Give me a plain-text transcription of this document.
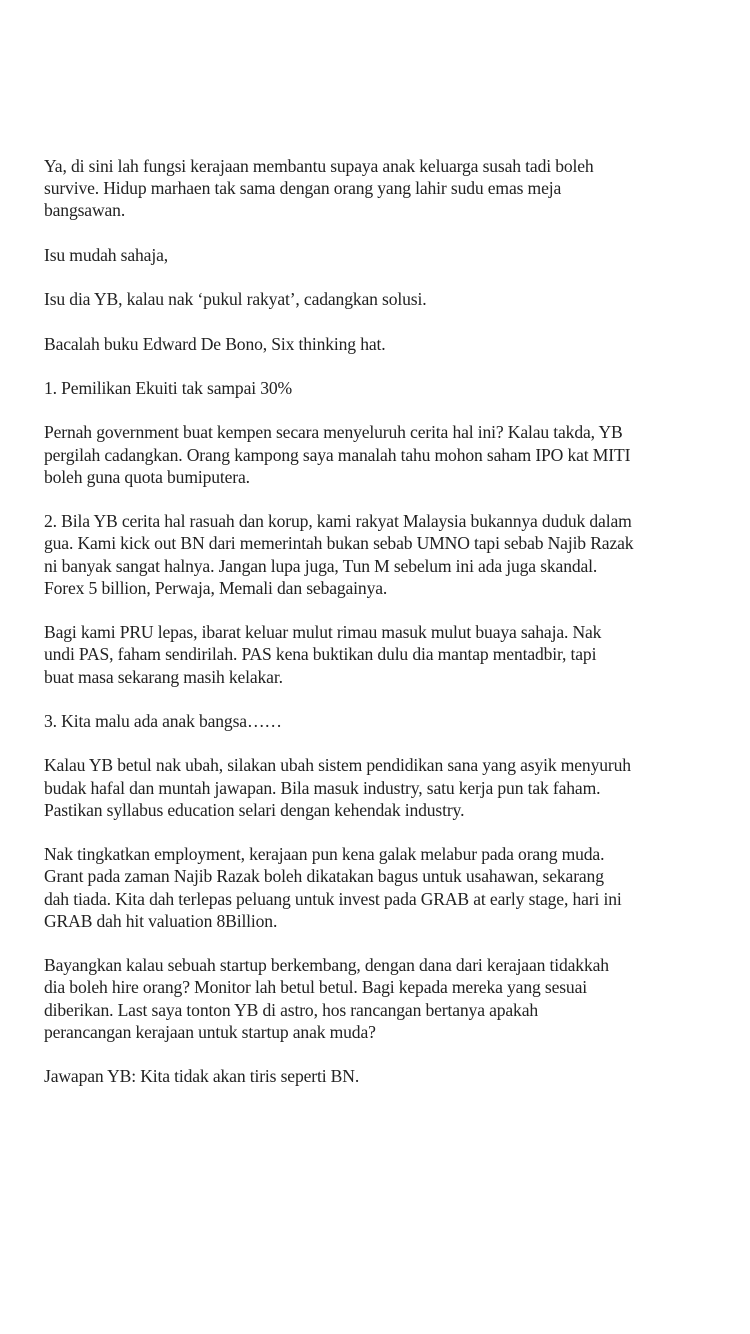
Ya, di sini lah fungsi kerajaan membantu supaya anak keluarga susah tadi boleh
survive. Hidup marhaen tak sama dengan orang yang lahir sudu emas meja
bangsawan.

Isu mudah sahaja,

Isu dia YB, kalau nak ‘pukul rakyat’, cadangkan solusi.

Bacalah buku Edward De Bono, Six thinking hat.

1. Pemilikan Ekuiti tak sampai 30%

Pernah government buat kempen secara menyeluruh cerita hal ini? Kalau takda, YB
pergilah cadangkan. Orang kampong saya manalah tahu mohon saham IPO kat MITI
boleh guna quota bumiputera.

2. Bila YB cerita hal rasuah dan korup, kami rakyat Malaysia bukannya duduk dalam
gua. Kami kick out BN dari memerintah bukan sebab UMNO tapi sebab Najib Razak
ni banyak sangat halnya. Jangan lupa juga, Tun M sebelum ini ada juga skandal.
Forex 5 billion, Perwaja, Memali dan sebagainya.

Bagi kami PRU lepas, ibarat keluar mulut rimau masuk mulut buaya sahaja. Nak
undi PAS, faham sendirilah. PAS kena buktikan dulu dia mantap mentadbir, tapi
buat masa sekarang masih kelakar.

3. Kita malu ada anak bangsa……

Kalau YB betul nak ubah, silakan ubah sistem pendidikan sana yang asyik menyuruh
budak hafal dan muntah jawapan. Bila masuk industry, satu kerja pun tak faham.
Pastikan syllabus education selari dengan kehendak industry.

Nak tingkatkan employment, kerajaan pun kena galak melabur pada orang muda.
Grant pada zaman Najib Razak boleh dikatakan bagus untuk usahawan, sekarang
dah tiada. Kita dah terlepas peluang untuk invest pada GRAB at early stage, hari ini
GRAB dah hit valuation 8Billion.

Bayangkan kalau sebuah startup berkembang, dengan dana dari kerajaan tidakkah
dia boleh hire orang? Monitor lah betul betul. Bagi kepada mereka yang sesuai
diberikan. Last saya tonton YB di astro, hos rancangan bertanya apakah
perancangan kerajaan untuk startup anak muda?

Jawapan YB: Kita tidak akan tiris seperti BN.
